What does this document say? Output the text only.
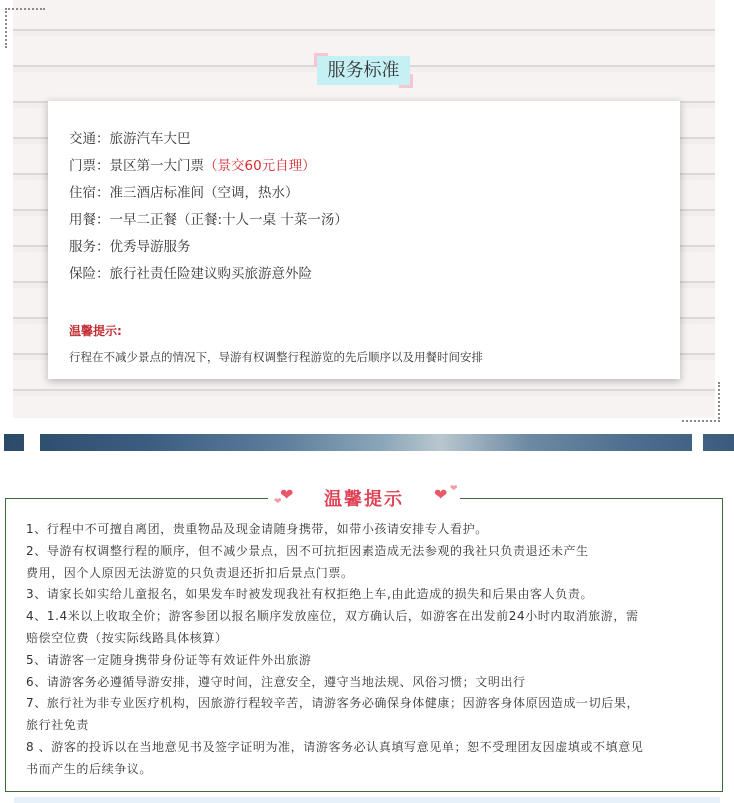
服务标准
交通：旅游汽车大巴
门票：景区第一大门票（景交60元自理）
住宿：准三酒店标准间（空调，热水）
用餐：一早二正餐（正餐:十人一桌 十菜一汤）
服务：优秀导游服务
保险：旅行社责任险建议购买旅游意外险
温馨提示:
行程在不减少景点的情况下，导游有权调整行程游览的先后顺序以及用餐时间安排
❤
❤	温馨提示	❤ ❤
1、行程中不可擅自离团，贵重物品及现金请随身携带，如带小孩请安排专人看护。
2、导游有权调整行程的顺序，但不减少景点，因不可抗拒因素造成无法参观的我社只负责退还未产生
费用，因个人原因无法游览的只负责退还折扣后景点门票。
3、请家长如实给儿童报名，如果发车时被发现我社有权拒绝上车,由此造成的损失和后果由客人负责。
4、1.4米以上收取全价；游客参团以报名顺序发放座位，双方确认后，如游客在出发前24小时内取消旅游，需
赔偿空位费（按实际线路具体核算）
5、请游客一定随身携带身份证等有效证件外出旅游
6、请游客务必遵循导游安排，遵守时间，注意安全，遵守当地法规、风俗习惯；文明出行
7、旅行社为非专业医疗机构，因旅游行程较辛苦，请游客务必确保身体健康；因游客身体原因造成一切后果，
旅行社免责
8 、游客的投诉以在当地意见书及签字证明为准，请游客务必认真填写意见单；恕不受理团友因虚填或不填意见
书而产生的后续争议。
